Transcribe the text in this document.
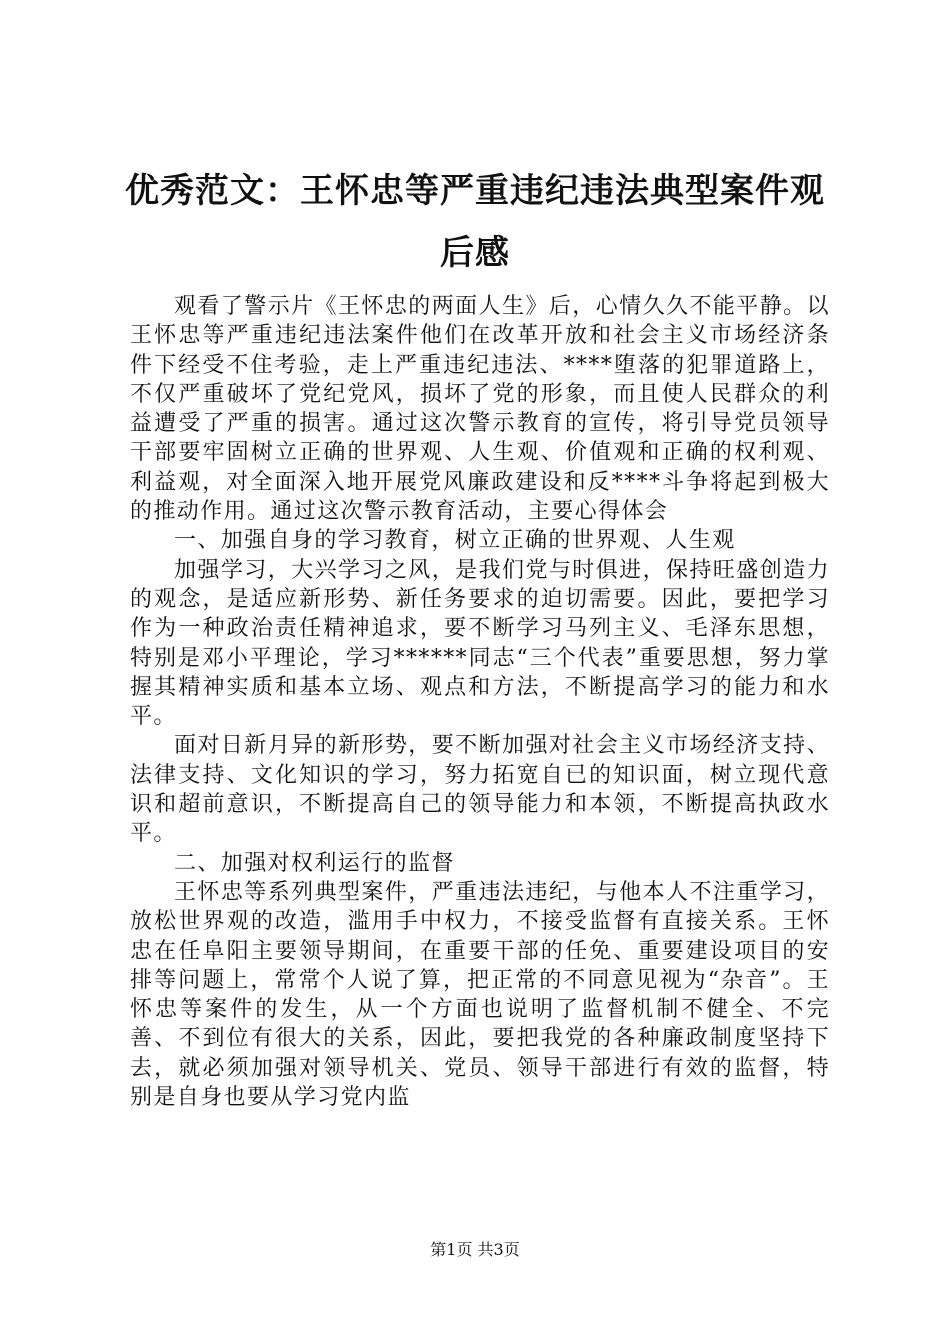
优秀范文：王怀忠等严重违纪违法典型案件观后感

观看了警示片《王怀忠的两面人生》后，心情久久不能平静。以王怀忠等严重违纪违法案件他们在改革开放和社会主义市场经济条件下经受不住考验，走上严重违纪违法、****堕落的犯罪道路上，不仅严重破坏了党纪党风，损坏了党的形象，而且使人民群众的利益遭受了严重的损害。通过这次警示教育的宣传，将引导党员领导干部要牢固树立正确的世界观、人生观、价值观和正确的权利观、利益观，对全面深入地开展党风廉政建设和反****斗争将起到极大的推动作用。通过这次警示教育活动，主要心得体会

一、加强自身的学习教育，树立正确的世界观、人生观

加强学习，大兴学习之风，是我们党与时俱进，保持旺盛创造力的观念，是适应新形势、新任务要求的迫切需要。因此，要把学习作为一种政治责任精神追求，要不断学习马列主义、毛泽东思想，特别是邓小平理论，学习******同志“三个代表”重要思想，努力掌握其精神实质和基本立场、观点和方法，不断提高学习的能力和水平。

面对日新月异的新形势，要不断加强对社会主义市场经济支持、法律支持、文化知识的学习，努力拓宽自已的知识面，树立现代意识和超前意识，不断提高自己的领导能力和本领，不断提高执政水平。

二、加强对权利运行的监督

王怀忠等系列典型案件，严重违法违纪，与他本人不注重学习，放松世界观的改造，滥用手中权力，不接受监督有直接关系。王怀忠在任阜阳主要领导期间，在重要干部的任免、重要建设项目的安排等问题上，常常个人说了算，把正常的不同意见视为“杂音”。王怀忠等案件的发生，从一个方面也说明了监督机制不健全、不完善、不到位有很大的关系，因此，要把我党的各种廉政制度坚持下去，就必须加强对领导机关、党员、领导干部进行有效的监督，特别是自身也要从学习党内监

第1页 共3页
